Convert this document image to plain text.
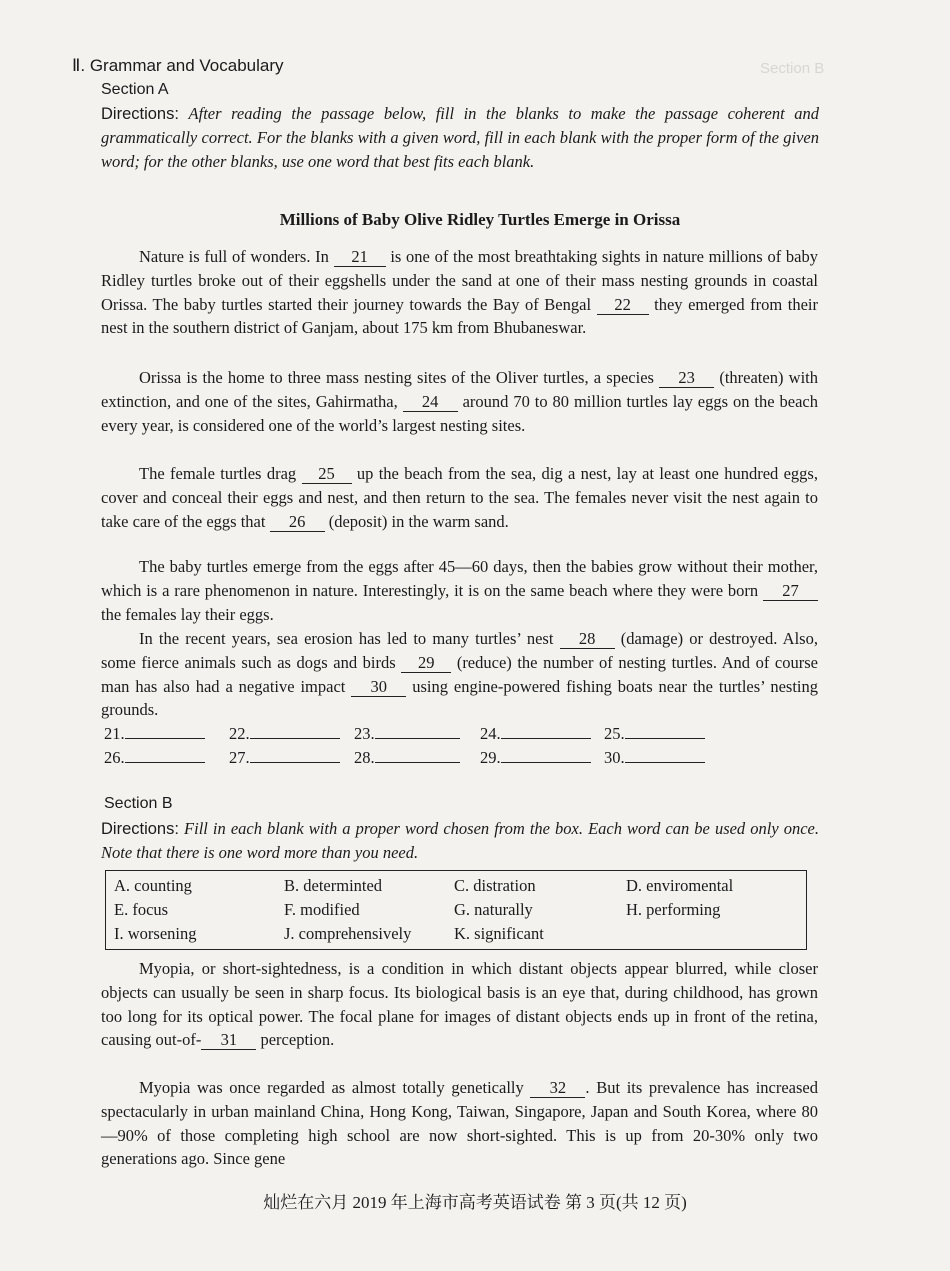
Section B
Ⅱ. Grammar and Vocabulary
Section A
Directions: After reading the passage below, fill in the blanks to make the passage coherent and grammatically correct. For the blanks with a given word, fill in each blank with the proper form of the given word; for the other blanks, use one word that best fits each blank.
Millions of Baby Olive Ridley Turtles Emerge in Orissa

Nature is full of wonders. In 21 is one of the most breathtaking sights in nature millions of baby Ridley turtles broke out of their eggshells under the sand at one of their mass nesting grounds in coastal Orissa. The baby turtles started their journey towards the Bay of Bengal 22 they emerged from their nest in the southern district of Ganjam, about 175 km from Bhubaneswar.

Orissa is the home to three mass nesting sites of the Oliver turtles, a species 23 (threaten) with extinction, and one of the sites, Gahirmatha, 24 around 70 to 80 million turtles lay eggs on the beach every year, is considered one of the world’s largest nesting sites.

The female turtles drag 25 up the beach from the sea, dig a nest, lay at least one hundred eggs, cover and conceal their eggs and nest, and then return to the sea. The females never visit the nest again to take care of the eggs that 26 (deposit) in the warm sand.

The baby turtles emerge from the eggs after 45—60 days, then the babies grow without their mother, which is a rare phenomenon in nature. Interestingly, it is on the same beach where they were born 27 the females lay their eggs.

In the recent years, sea erosion has led to many turtles’ nest 28 (damage) or destroyed. Also, some fierce animals such as dogs and birds 29 (reduce) the number of nesting turtles. And of course man has also had a negative impact 30 using engine-powered fishing boats near the turtles’ nesting grounds.

21.	22.	23.	24.	25.
26.	27.	28.	29.	30.
Section B
Directions: Fill in each blank with a proper word chosen from the box. Each word can be used only once. Note that there is one word more than you need.
A. counting	B. determinted	C. distration	D. enviromental
E. focus	F. modified	G. naturally	H. performing
I. worsening	J. comprehensively	K. significant

Myopia, or short-sightedness, is a condition in which distant objects appear blurred, while closer objects can usually be seen in sharp focus. Its biological basis is an eye that, during childhood, has grown too long for its optical power. The focal plane for images of distant objects ends up in front of the retina, causing out-of- 31 perception.

Myopia was once regarded as almost totally genetically 32 . But its prevalence has increased spectacularly in urban mainland China, Hong Kong, Taiwan, Singapore, Japan and South Korea, where 80—90% of those completing high school are now short-sighted. This is up from 20-30% only two generations ago. Since gene

灿烂在六月 2019 年上海市高考英语试卷 第 3 页(共 12 页)
